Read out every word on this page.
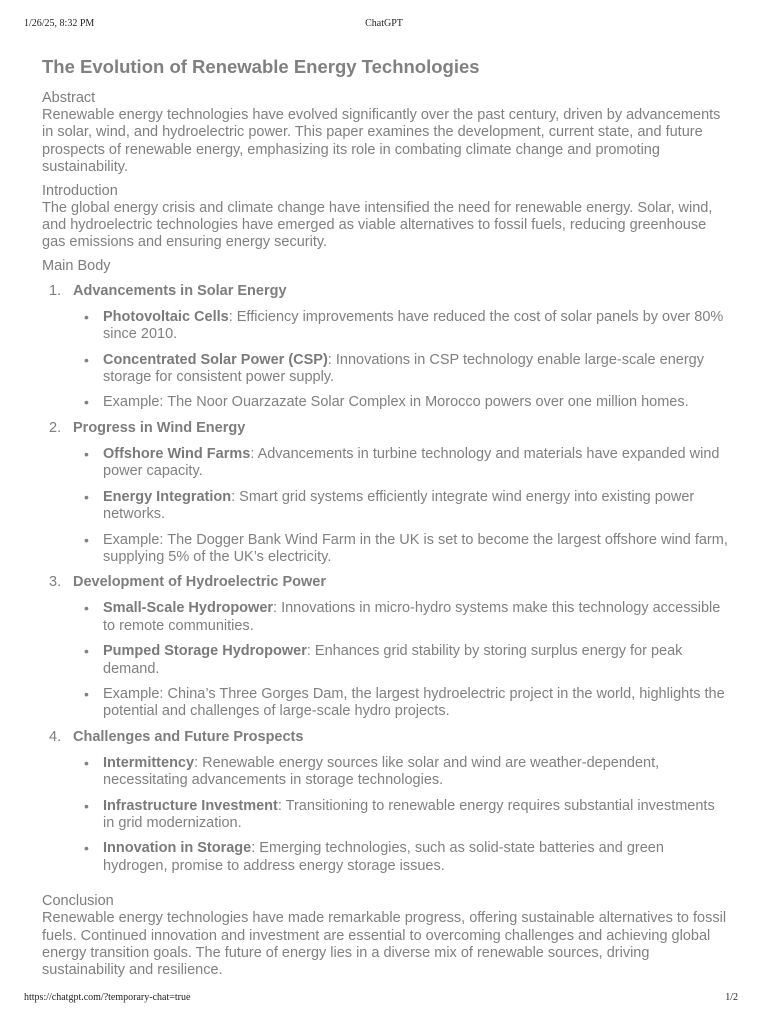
1/26/25, 8:32 PM	ChatGPT
The Evolution of Renewable Energy Technologies
Abstract

Renewable energy technologies have evolved significantly over the past century, driven by advancements in solar, wind, and hydroelectric power. This paper examines the development, current state, and future prospects of renewable energy, emphasizing its role in combating climate change and promoting sustainability.

Introduction

The global energy crisis and climate change have intensified the need for renewable energy. Solar, wind, and hydroelectric technologies have emerged as viable alternatives to fossil fuels, reducing greenhouse gas emissions and ensuring energy security.

Main Body
1. Advancements in Solar Energy
• Photovoltaic Cells: Efficiency improvements have reduced the cost of solar panels by over 80% since 2010.
• Concentrated Solar Power (CSP): Innovations in CSP technology enable large-scale energy storage for consistent power supply.
• Example: The Noor Ouarzazate Solar Complex in Morocco powers over one million homes.
2. Progress in Wind Energy
• Offshore Wind Farms: Advancements in turbine technology and materials have expanded wind power capacity.
• Energy Integration: Smart grid systems efficiently integrate wind energy into existing power networks.
• Example: The Dogger Bank Wind Farm in the UK is set to become the largest offshore wind farm, supplying 5% of the UK’s electricity.
3. Development of Hydroelectric Power
• Small-Scale Hydropower: Innovations in micro-hydro systems make this technology accessible to remote communities.
• Pumped Storage Hydropower: Enhances grid stability by storing surplus energy for peak demand.
• Example: China’s Three Gorges Dam, the largest hydroelectric project in the world, highlights the potential and challenges of large-scale hydro projects.
4. Challenges and Future Prospects
• Intermittency: Renewable energy sources like solar and wind are weather-dependent, necessitating advancements in storage technologies.
• Infrastructure Investment: Transitioning to renewable energy requires substantial investments in grid modernization.
• Innovation in Storage: Emerging technologies, such as solid-state batteries and green hydrogen, promise to address energy storage issues.
Conclusion

Renewable energy technologies have made remarkable progress, offering sustainable alternatives to fossil fuels. Continued innovation and investment are essential to overcoming challenges and achieving global energy transition goals. The future of energy lies in a diverse mix of renewable sources, driving sustainability and resilience.

https://chatgpt.com/?temporary-chat=true	1/2
